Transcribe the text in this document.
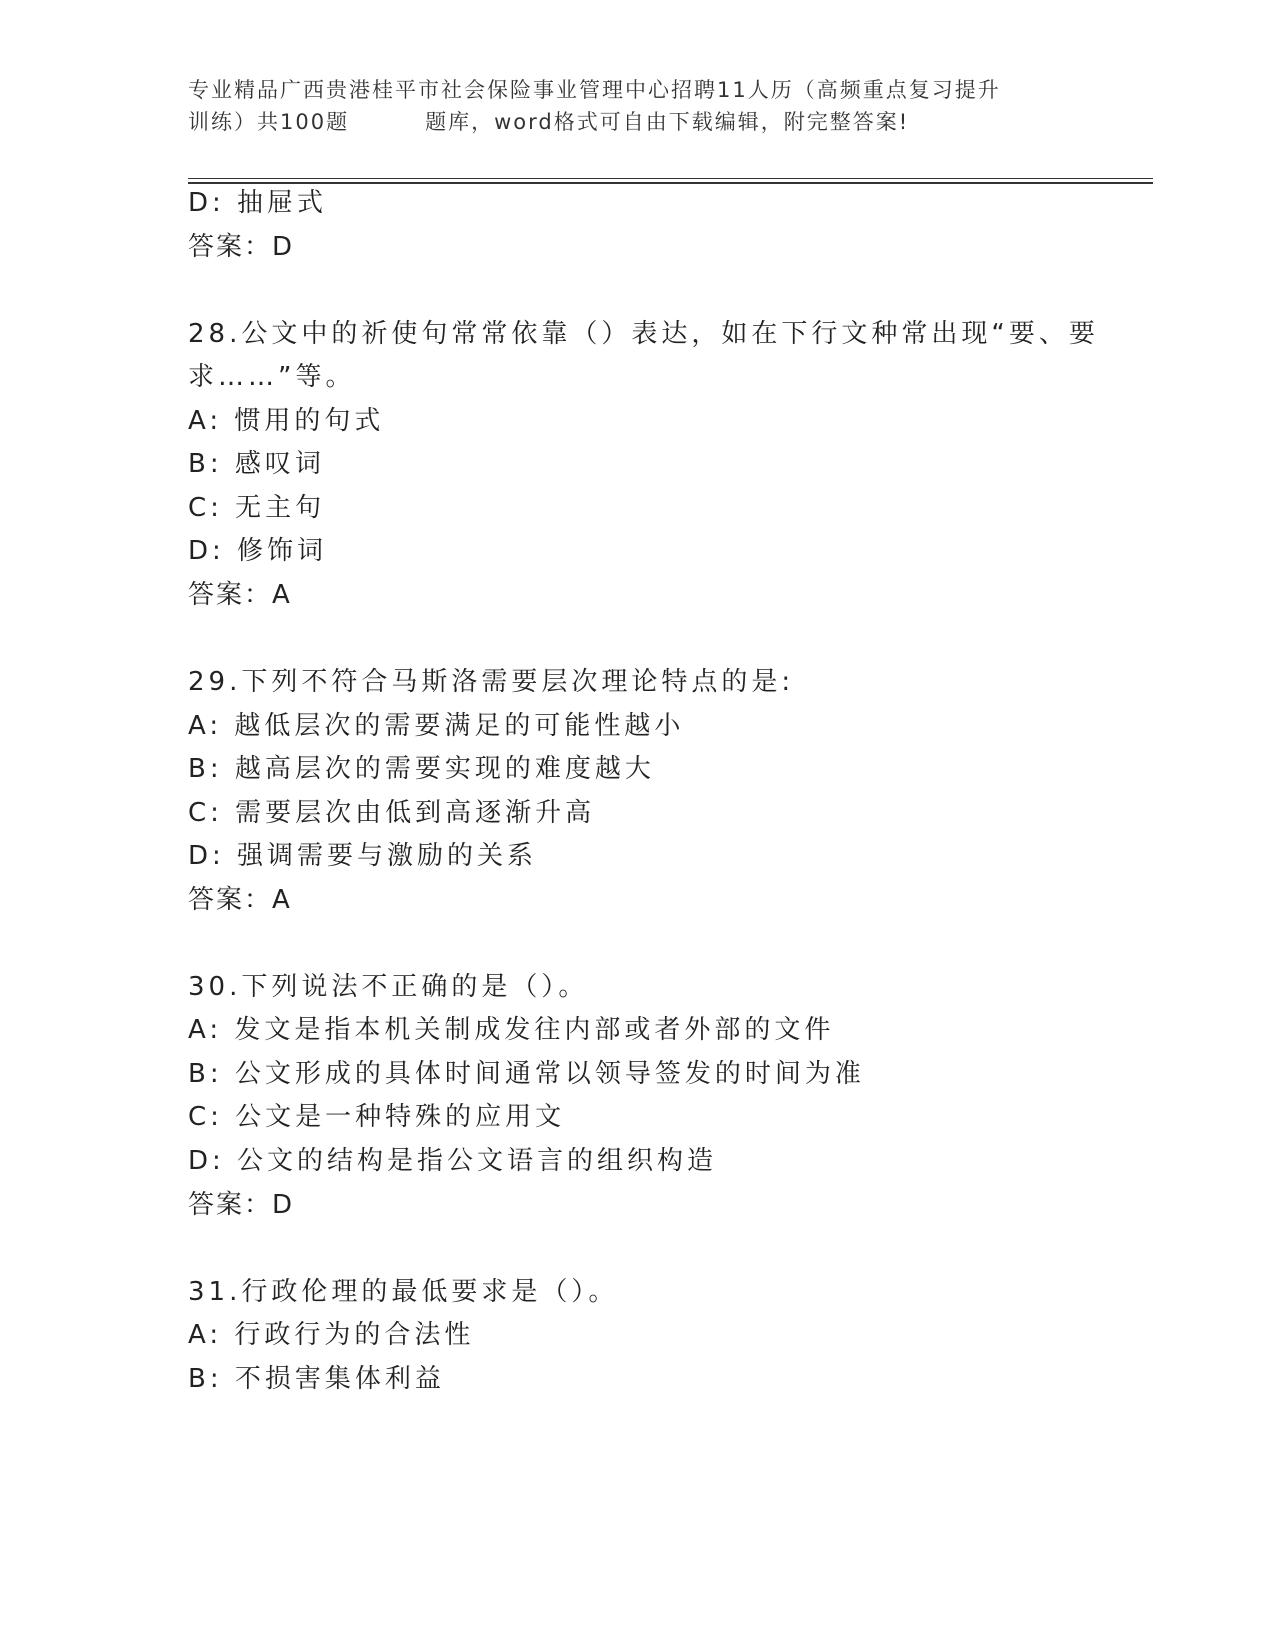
专业精品广西贵港桂平市社会保险事业管理中心招聘11人历（高频重点复习提升
训练）共100题	题库，word格式可自由下载编辑，附完整答案!
D: 抽屉式
答案：D
28.公文中的祈使句常常依靠（）表达，如在下行文种常出现“要、要
求……”等。
A: 惯用的句式
B: 感叹词
C: 无主句
D: 修饰词
答案：A
29.下列不符合马斯洛需要层次理论特点的是:
A: 越低层次的需要满足的可能性越小
B: 越高层次的需要实现的难度越大
C: 需要层次由低到高逐渐升高
D: 强调需要与激励的关系
答案：A
30.下列说法不正确的是（）。
A: 发文是指本机关制成发往内部或者外部的文件
B: 公文形成的具体时间通常以领导签发的时间为准
C: 公文是一种特殊的应用文
D: 公文的结构是指公文语言的组织构造
答案：D
31.行政伦理的最低要求是（）。
A: 行政行为的合法性
B: 不损害集体利益
